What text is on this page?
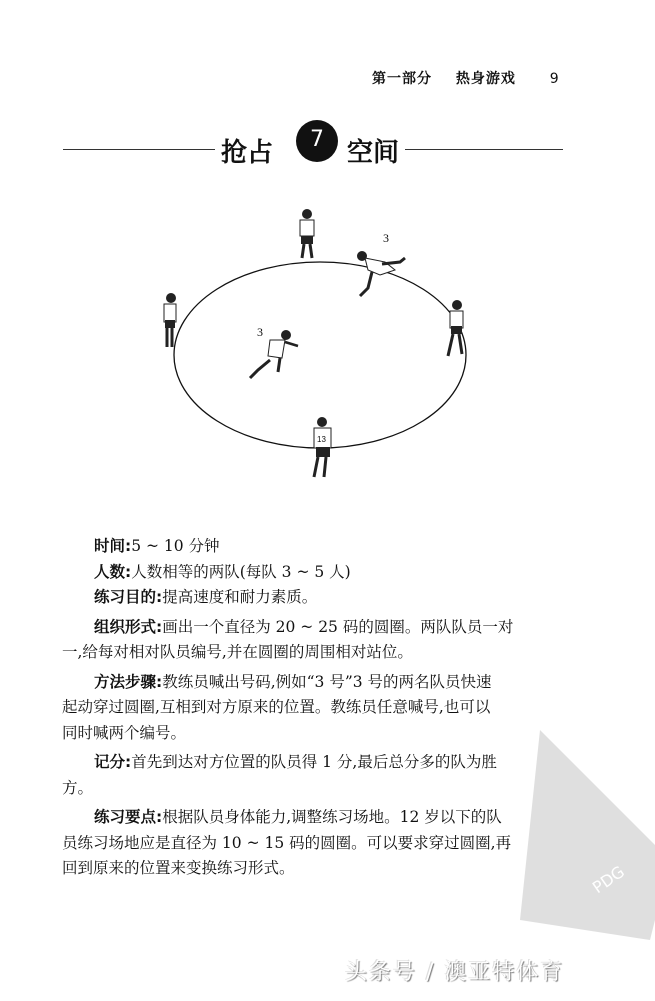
第一部分 热身游戏 9
抢占	7 空间
3
3
13

时间:5 ~ 10 分钟

人数:人数相等的两队(每队 3 ~ 5 人)

练习目的:提高速度和耐力素质。

组织形式:画出一个直径为 20 ~ 25 码的圆圈。两队队员一对

一,给每对相对队员编号,并在圆圈的周围相对站位。

方法步骤:教练员喊出号码,例如“3 号”3 号的两名队员快速

起动穿过圆圈,互相到对方原来的位置。教练员任意喊号,也可以

同时喊两个编号。

记分:首先到达对方位置的队员得 1 分,最后总分多的队为胜

方。

练习要点:根据队员身体能力,调整练习场地。12 岁以下的队

员练习场地应是直径为 10 ~ 15 码的圆圈。可以要求穿过圆圈,再

回到原来的位置来变换练习形式。	PDG
头条号 / 澳亚特体育
